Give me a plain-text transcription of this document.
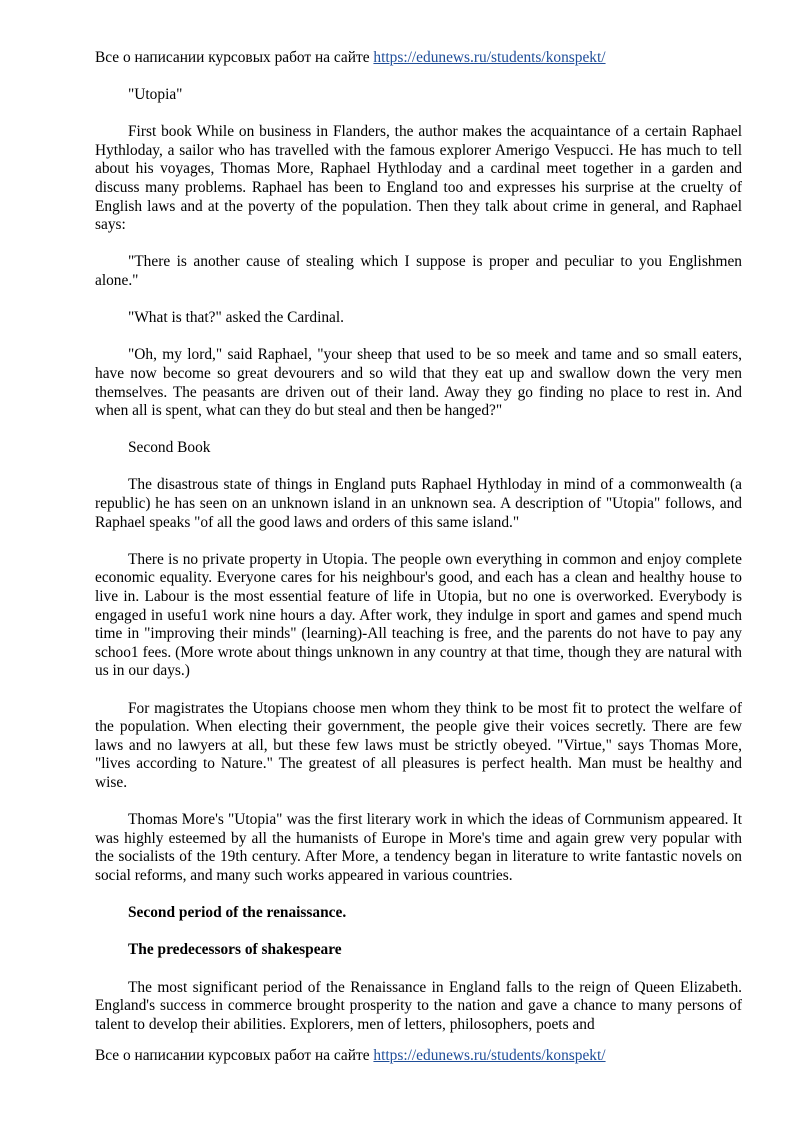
Все о написании курсовых работ на сайте https://edunews.ru/students/konspekt/

"Utopia"

First book While on business in Flanders, the author makes the acquaintance of a certain Raphael Hythloday, a sailor who has travelled with the famous explorer Amerigo Vespucci. He has much to tell about his voyages, Thomas More, Raphael Hythloday and a cardinal meet together in a garden and discuss many problems. Raphael has been to England too and expresses his surprise at the cruelty of English laws and at the poverty of the population. Then they talk about crime in general, and Raphael says:

"There is another cause of stealing which I suppose is proper and peculiar to you Englishmen alone."

"What is that?" asked the Cardinal.

"Oh, my lord," said Raphael, "your sheep that used to be so meek and tame and so small eaters, have now become so great devourers and so wild that they eat up and swallow down the very men themselves. The peasants are driven out of their land. Away they go finding no place to rest in. And when all is spent, what can they do but steal and then be hanged?"

Second Book

The disastrous state of things in England puts Raphael Hythloday in mind of a commonwealth (a republic) he has seen on an unknown island in an unknown sea. A description of "Utopia" follows, and Raphael speaks "of all the good laws and orders of this same island."

There is no private property in Utopia. The people own everything in common and enjoy complete economic equality. Everyone cares for his neighbour's good, and each has a clean and healthy house to live in. Labour is the most essential feature of life in Utopia, but no one is overworked. Everybody is engaged in usefu1 work nine hours a day. After work, they indulge in sport and games and spend much time in "improving their minds" (learning)-All teaching is free, and the parents do not have to pay any schoo1 fees. (More wrote about things unknown in any country at that time, though they are natural with us in our days.)

For magistrates the Utopians choose men whom they think to be most fit to protect the welfare of the population. When electing their government, the people give their voices secretly. There are few laws and no lawyers at all, but these few laws must be strictly obeyed. "Virtue," says Thomas More, "lives according to Nature." The greatest of all pleasures is perfect health. Man must be healthy and wise.

Thomas More's "Utopia" was the first literary work in which the ideas of Cornmunism appeared. It was highly esteemed by all the humanists of Europe in More's time and again grew very popular with the socialists of the 19th century. After More, a tendency began in literature to write fantastic novels on social reforms, and many such works appeared in various countries.

Second period of the renaissance.

The predecessors of shakespeare

The most significant period of the Renaissance in England falls to the reign of Queen Elizabeth. England's success in commerce brought prosperity to the nation and gave a chance to many persons of talent to develop their abilities. Explorers, men of letters, philosophers, poets and

Все о написании курсовых работ на сайте https://edunews.ru/students/konspekt/
